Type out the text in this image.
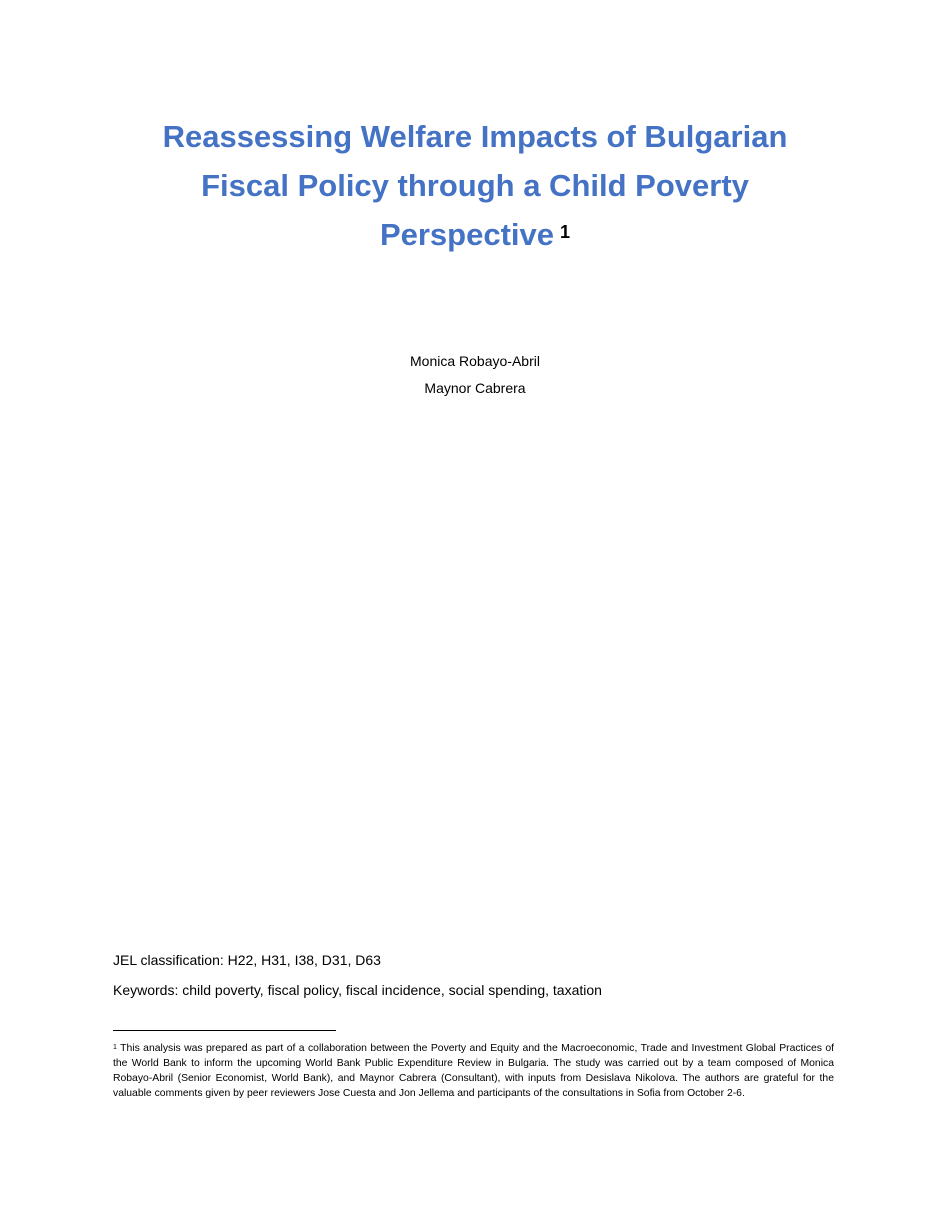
Reassessing Welfare Impacts of Bulgarian
Fiscal Policy through a Child Poverty
Perspective $^1$
Monica Robayo-Abril
Maynor Cabrera
JEL classification: H22, H31, I38, D31, D63
Keywords: child poverty, fiscal policy, fiscal incidence, social spending, taxation
$^1$ This analysis was prepared as part of a collaboration between the Poverty and Equity and the Macroeconomic, Trade and Investment Global Practices of the World Bank to inform the upcoming World Bank Public Expenditure Review in Bulgaria. The study was carried out by a team composed of Monica Robayo-Abril (Senior Economist, World Bank), and Maynor Cabrera (Consultant), with inputs from Desislava Nikolova. The authors are grateful for the valuable comments given by peer reviewers Jose Cuesta and Jon Jellema and participants of the consultations in Sofia from October 2-6.
